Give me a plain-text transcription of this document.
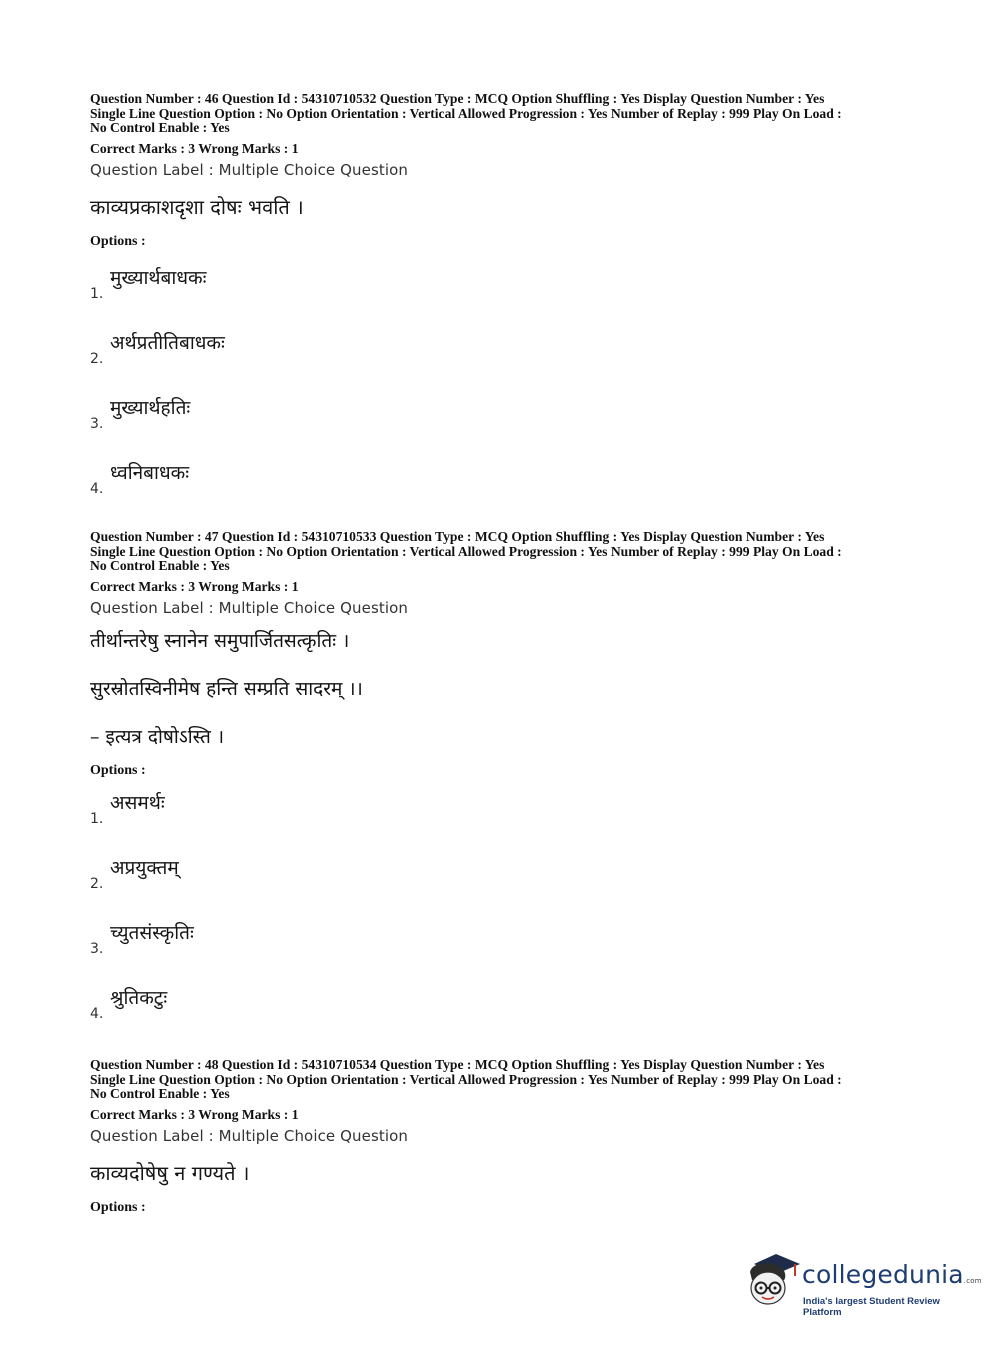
Question Number : 46 Question Id : 54310710532 Question Type : MCQ Option Shuffling : Yes Display Question Number : Yes

Single Line Question Option : No Option Orientation : Vertical Allowed Progression : Yes Number of Replay : 999 Play On Load :

No Control Enable : Yes

Correct Marks : 3 Wrong Marks : 1

Question Label : Multiple Choice Question

काव्यप्रकाशदृशा दोषः भवति ।

Options :

1.
मुख्यार्थबाधकः
2.
अर्थप्रतीतिबाधकः
3.
मुख्यार्थहतिः
4.
ध्वनिबाधकः

Question Number : 47 Question Id : 54310710533 Question Type : MCQ Option Shuffling : Yes Display Question Number : Yes

Single Line Question Option : No Option Orientation : Vertical Allowed Progression : Yes Number of Replay : 999 Play On Load :

No Control Enable : Yes

Correct Marks : 3 Wrong Marks : 1

Question Label : Multiple Choice Question

तीर्थान्तरेषु स्नानेन समुपार्जितसत्कृतिः ।

सुरस्रोतस्विनीमेष हन्ति सम्प्रति सादरम् ।।

– इत्यत्र दोषोऽस्ति ।

Options :

1.
असमर्थः
2.
अप्रयुक्तम्
3.
च्युतसंस्कृतिः
4.
श्रुतिकटुः

Question Number : 48 Question Id : 54310710534 Question Type : MCQ Option Shuffling : Yes Display Question Number : Yes

Single Line Question Option : No Option Orientation : Vertical Allowed Progression : Yes Number of Replay : 999 Play On Load :

No Control Enable : Yes

Correct Marks : 3 Wrong Marks : 1

Question Label : Multiple Choice Question

काव्यदोषेषु न गण्यते ।

Options :

collegedunia.com
India's largest Student Review Platform
